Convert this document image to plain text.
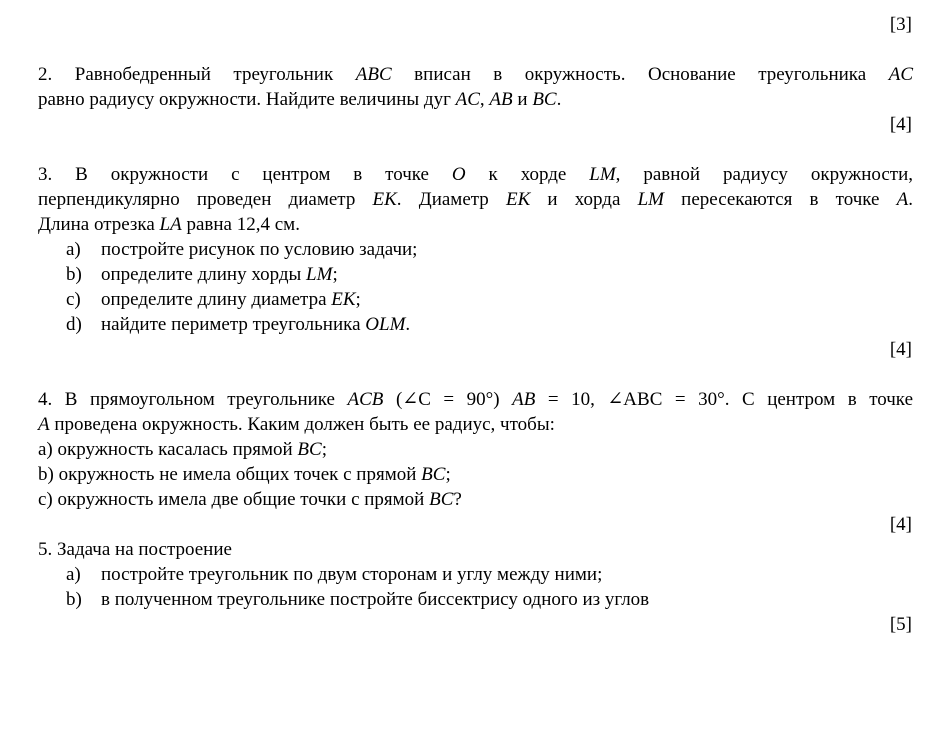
[3]
2. Равнобедренный треугольник ABC вписан в окружность. Основание треугольника AC
равно радиусу окружности. Найдите величины дуг AC, AB и BC.
[4]
3. В окружности с центром в точке O к хорде LM, равной радиусу окружности,
перпендикулярно проведен диаметр EK. Диаметр EK и хорда LM пересекаются в точке A.
Длина отрезка LA равна 12,4 см.
a)	постройте рисунок по условию задачи;
b)	определите длину хорды LM;
c)	определите длину диаметра EK;
d)	найдите периметр треугольника OLM.
[4]
4. В прямоугольном треугольнике ACB (∠C = 90°) AB = 10, ∠ABC = 30°. С центром в точке
A проведена окружность. Каким должен быть ее радиус, чтобы:
a) окружность касалась прямой BC;
b) окружность не имела общих точек с прямой BC;
c) окружность имела две общие точки с прямой BC?
[4]
5. Задача на построение
a)	постройте треугольник по двум сторонам и углу между ними;
b)	в полученном треугольнике постройте биссектрису одного из углов
[5]
